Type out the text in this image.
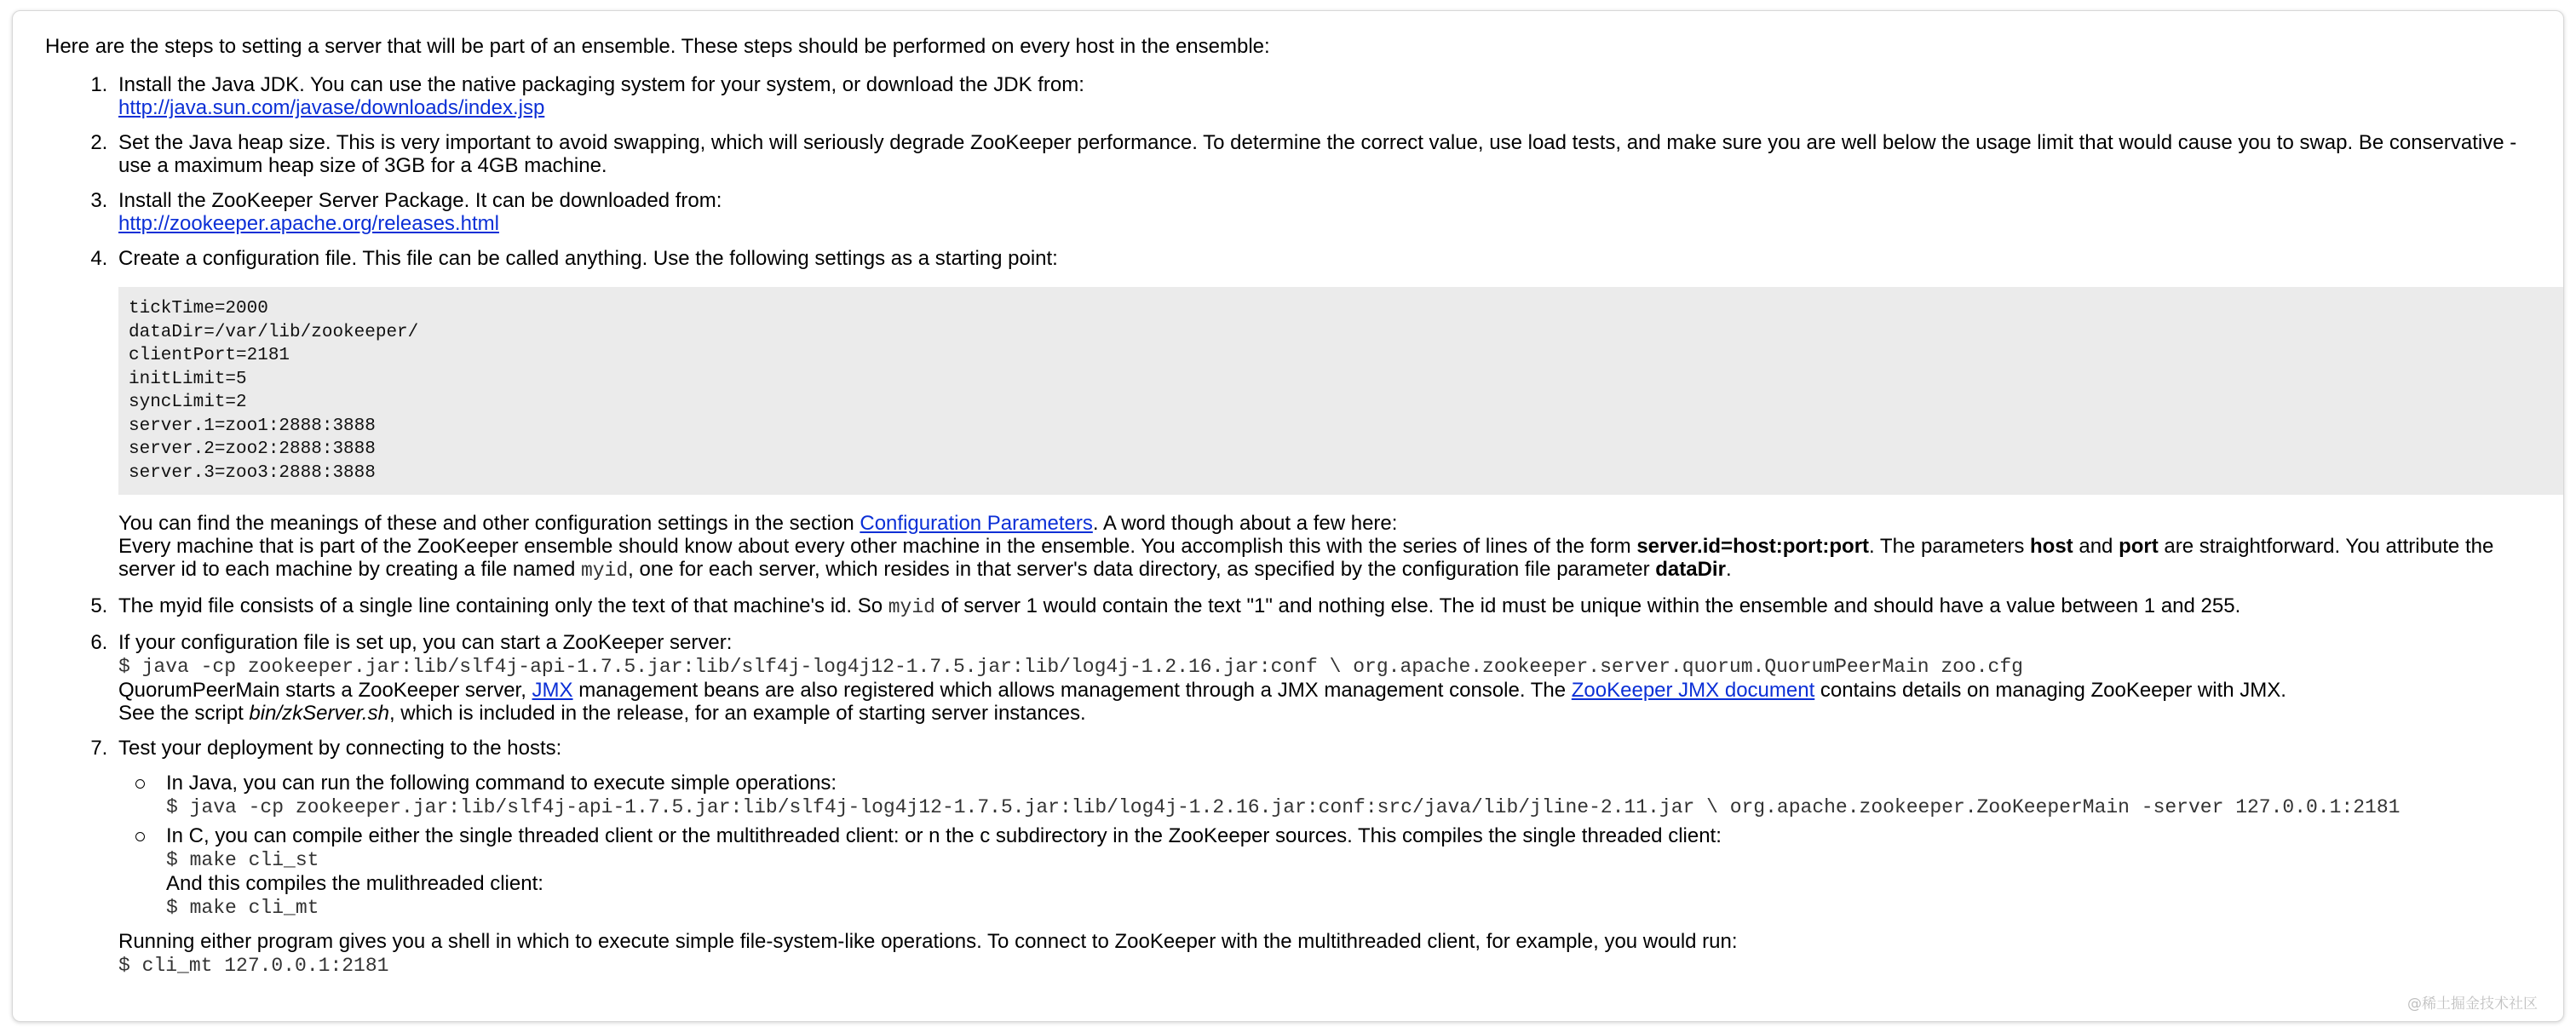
Here are the steps to setting a server that will be part of an ensemble. These steps should be performed on every host in the ensemble:

1. Install the Java JDK. You can use the native packaging system for your system, or download the JDK from:
http://java.sun.com/javase/downloads/index.jsp
2. Set the Java heap size. This is very important to avoid swapping, which will seriously degrade ZooKeeper performance. To determine the correct value, use load tests, and make sure you are well below the usage limit that would cause you to swap. Be conservative - use a maximum heap size of 3GB for a 4GB machine.
3. Install the ZooKeeper Server Package. It can be downloaded from:
http://zookeeper.apache.org/releases.html
4. Create a configuration file. This file can be called anything. Use the following settings as a starting point:
tickTime=2000
dataDir=/var/lib/zookeeper/
clientPort=2181
initLimit=5
syncLimit=2
server.1=zoo1:2888:3888
server.2=zoo2:2888:3888
server.3=zoo3:2888:3888

You can find the meanings of these and other configuration settings in the section Configuration Parameters. A word though about a few here:
Every machine that is part of the ZooKeeper ensemble should know about every other machine in the ensemble. You accomplish this with the series of lines of the form server.id=host:port:port. The parameters host and port are straightforward. You attribute the server id to each machine by creating a file named myid, one for each server, which resides in that server's data directory, as specified by the configuration file parameter dataDir.

5. The myid file consists of a single line containing only the text of that machine's id. So myid of server 1 would contain the text "1" and nothing else. The id must be unique within the ensemble and should have a value between 1 and 255.
6. If your configuration file is set up, you can start a ZooKeeper server:
$ java -cp zookeeper.jar:lib/slf4j-api-1.7.5.jar:lib/slf4j-log4j12-1.7.5.jar:lib/log4j-1.2.16.jar:conf \ org.apache.zookeeper.server.quorum.QuorumPeerMain zoo.cfg
QuorumPeerMain starts a ZooKeeper server, JMX management beans are also registered which allows management through a JMX management console. The ZooKeeper JMX document contains details on managing ZooKeeper with JMX.
See the script bin/zkServer.sh, which is included in the release, for an example of starting server instances.
7. Test your deployment by connecting to the hosts:
In Java, you can run the following command to execute simple operations:
$ java -cp zookeeper.jar:lib/slf4j-api-1.7.5.jar:lib/slf4j-log4j12-1.7.5.jar:lib/log4j-1.2.16.jar:conf:src/java/lib/jline-2.11.jar \ org.apache.zookeeper.ZooKeeperMain -server 127.0.0.1:2181
In C, you can compile either the single threaded client or the multithreaded client: or n the c subdirectory in the ZooKeeper sources. This compiles the single threaded client:
$ make cli_st
And this compiles the mulithreaded client:
$ make cli_mt
Running either program gives you a shell in which to execute simple file-system-like operations. To connect to ZooKeeper with the multithreaded client, for example, you would run:
$ cli_mt 127.0.0.1:2181
@稀土掘金技术社区
